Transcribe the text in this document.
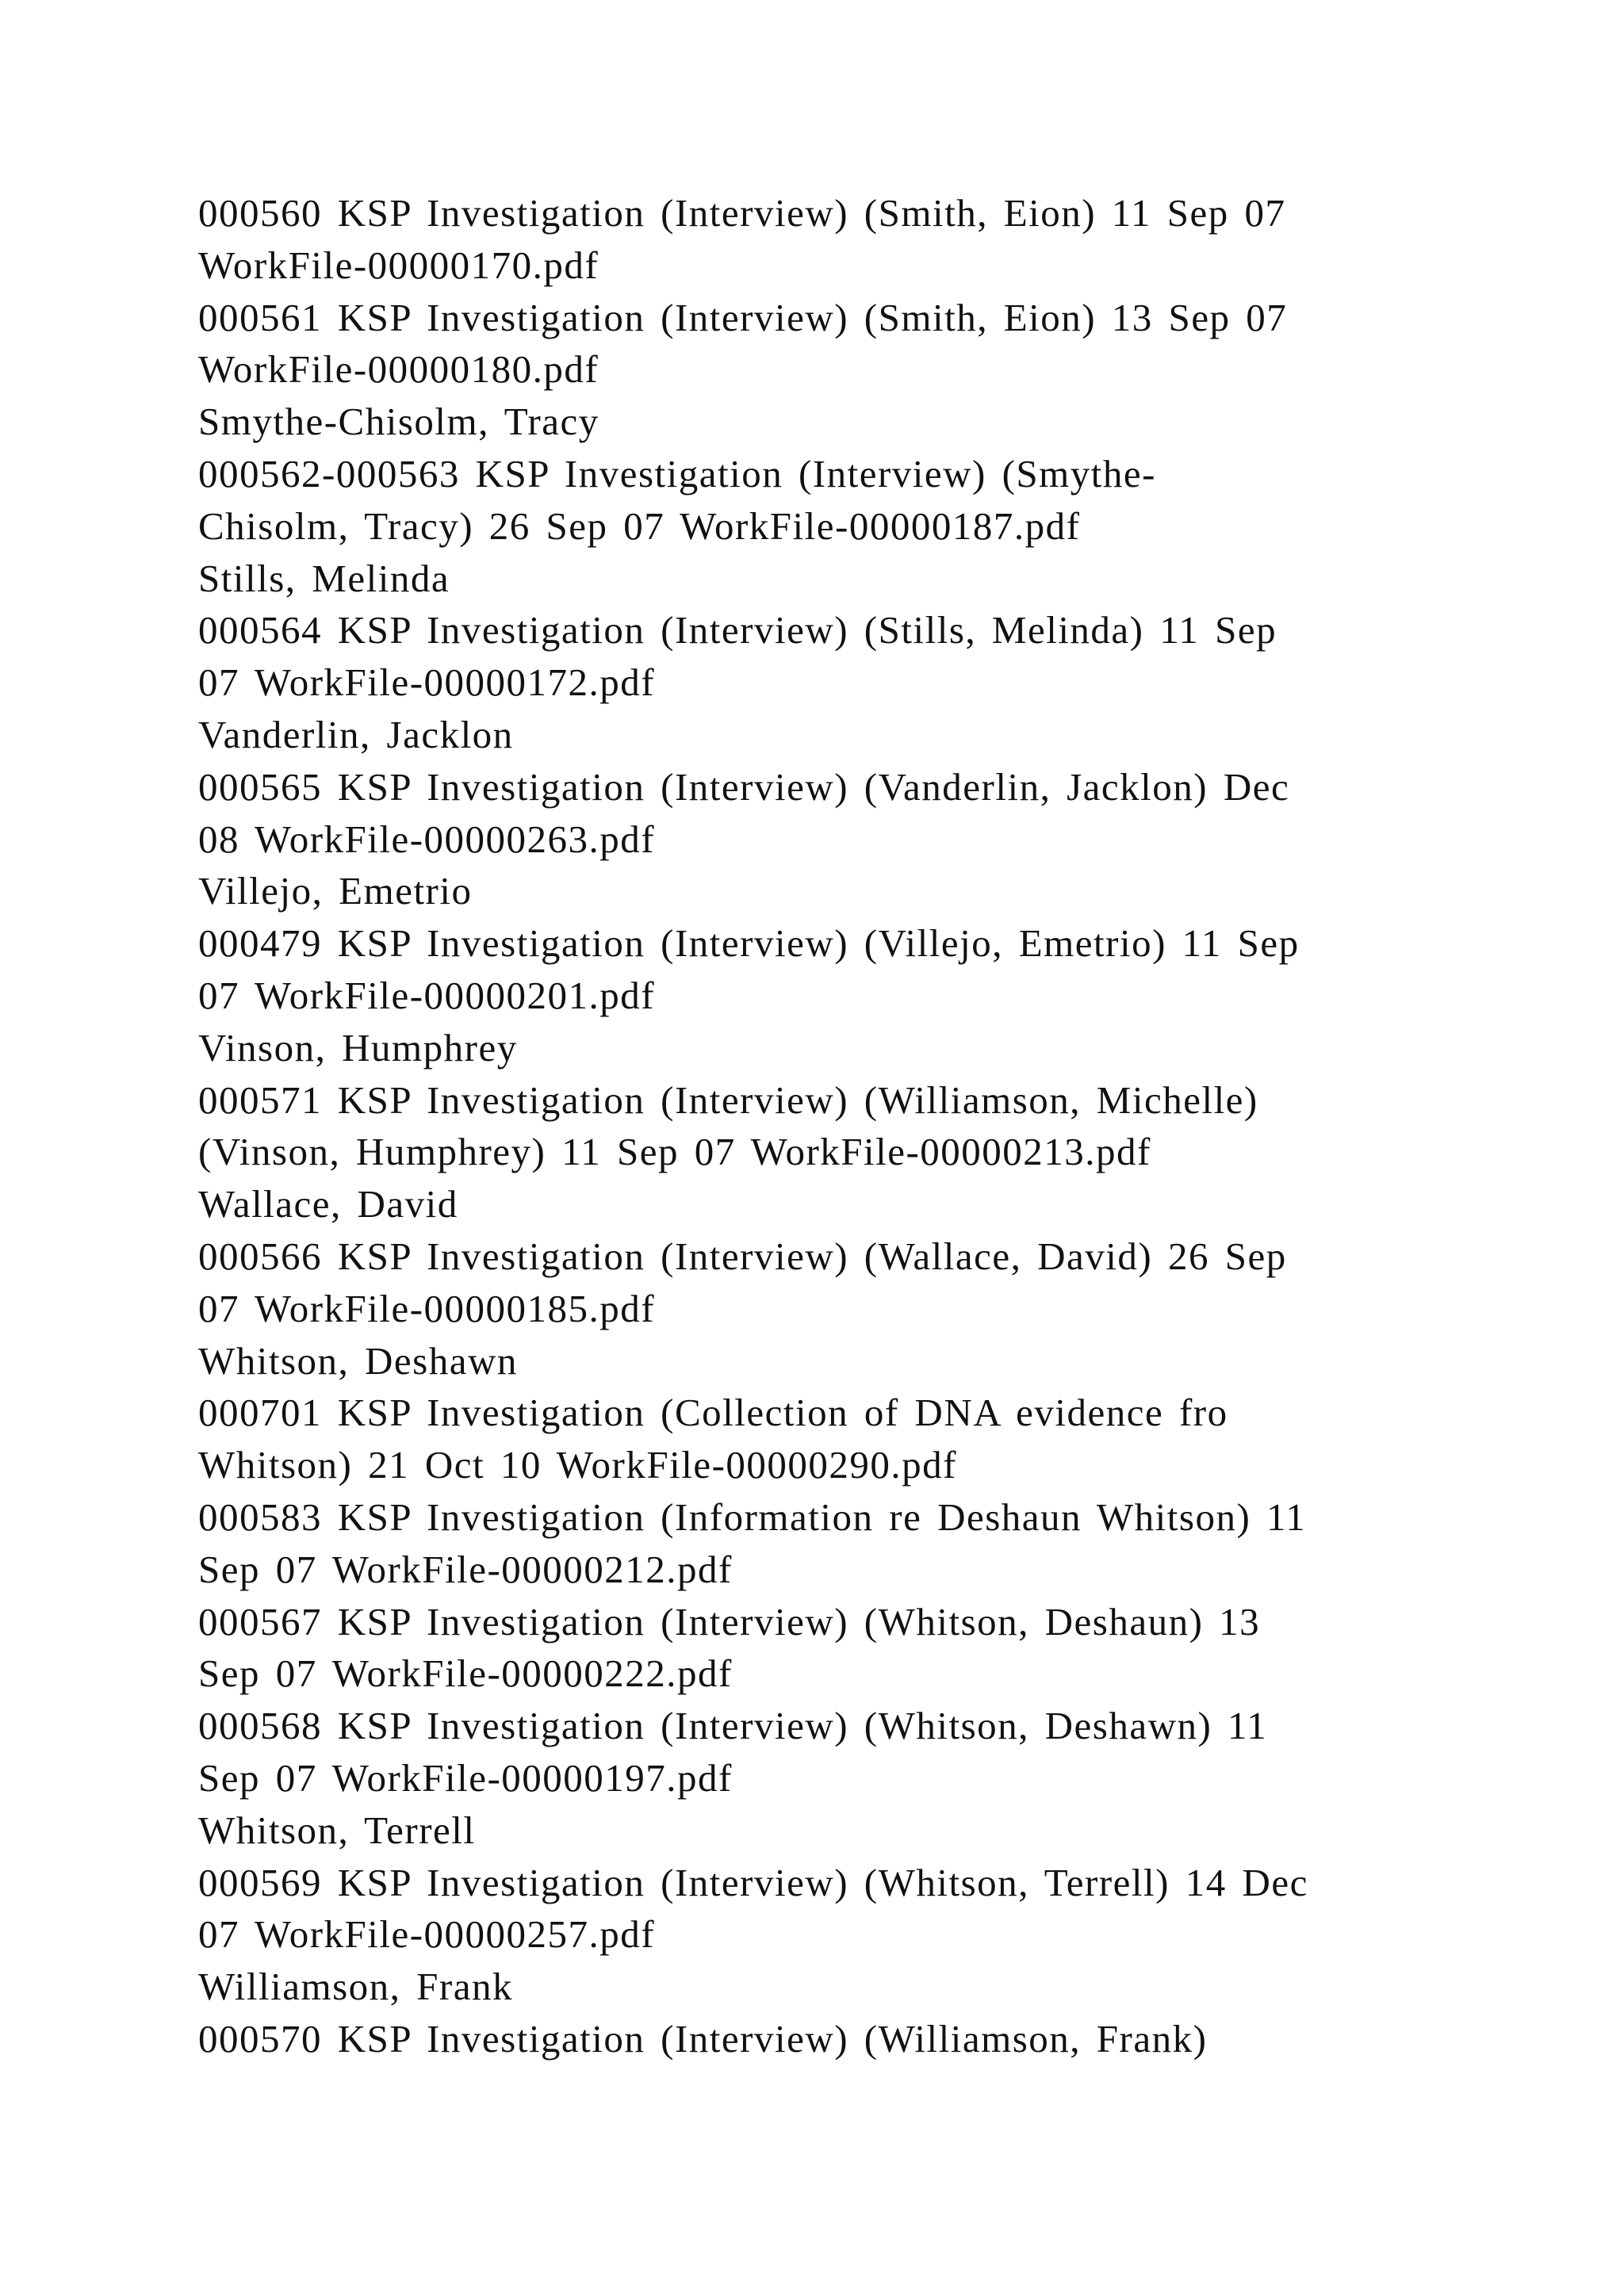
000560 KSP Investigation (Interview) (Smith, Eion) 11 Sep 07
WorkFile-00000170.pdf
000561 KSP Investigation (Interview) (Smith, Eion) 13 Sep 07
WorkFile-00000180.pdf
Smythe-Chisolm, Tracy
000562-000563 KSP Investigation (Interview) (Smythe-
Chisolm, Tracy) 26 Sep 07 WorkFile-00000187.pdf
Stills, Melinda
000564 KSP Investigation (Interview) (Stills, Melinda) 11 Sep
07 WorkFile-00000172.pdf
Vanderlin, Jacklon
000565 KSP Investigation (Interview) (Vanderlin, Jacklon) Dec
08 WorkFile-00000263.pdf
Villejo, Emetrio
000479 KSP Investigation (Interview) (Villejo, Emetrio) 11 Sep
07 WorkFile-00000201.pdf
Vinson, Humphrey
000571 KSP Investigation (Interview) (Williamson, Michelle)
(Vinson, Humphrey) 11 Sep 07 WorkFile-00000213.pdf
Wallace, David
000566 KSP Investigation (Interview) (Wallace, David) 26 Sep
07 WorkFile-00000185.pdf
Whitson, Deshawn
000701 KSP Investigation (Collection of DNA evidence fro
Whitson) 21 Oct 10 WorkFile-00000290.pdf
000583 KSP Investigation (Information re Deshaun Whitson) 11
Sep 07 WorkFile-00000212.pdf
000567 KSP Investigation (Interview) (Whitson, Deshaun) 13
Sep 07 WorkFile-00000222.pdf
000568 KSP Investigation (Interview) (Whitson, Deshawn) 11
Sep 07 WorkFile-00000197.pdf
Whitson, Terrell
000569 KSP Investigation (Interview) (Whitson, Terrell) 14 Dec
07 WorkFile-00000257.pdf
Williamson, Frank
000570 KSP Investigation (Interview) (Williamson, Frank)
